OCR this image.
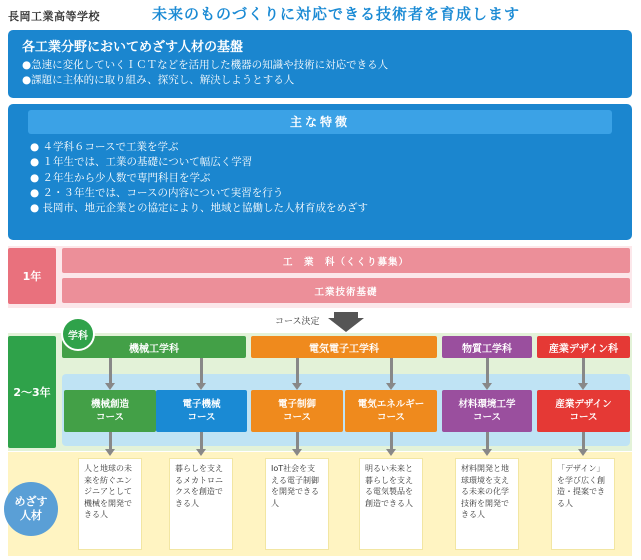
長岡工業高等学校	未来のものづくりに対応できる技術者を育成します
各工業分野においてめざす人材の基盤
●急速に変化していくＩＣＴなどを活用した機器の知識や技術に対応できる人
●課題に主体的に取り組み、探究し、解決しようとする人
主な特徴
● ４学科６コースで工業を学ぶ
● １年生では、工業の基礎について幅広く学習
● ２年生から少人数で専門科目を学ぶ
● ２・３年生では、コースの内容について実習を行う
● 長岡市、地元企業との協定により、地域と協働した人材育成をめざす
1年
工　業　科（くくり募集）
工業技術基礎
コース決定
2〜3年
機械工学科	電気電子工学科	物質工学科	産業デザイン科
学科
機械創造
コース
電子機械
コース
電子制御
コース
電気エネルギー
コース
材料環境工学
コース
産業デザイン
コース
めざす
人材
人と地球の未来を紡ぐエンジニアとして機械を開発できる人
暮らしを支えるメカトロニクスを創造できる人
IoT社会を支える電子制御を開発できる人
明るい未来と暮らしを支える電気製品を創造できる人
材料開発と地球環境を支える未来の化学技術を開発できる人
「デザイン」を学び広く創造・提案できる人
